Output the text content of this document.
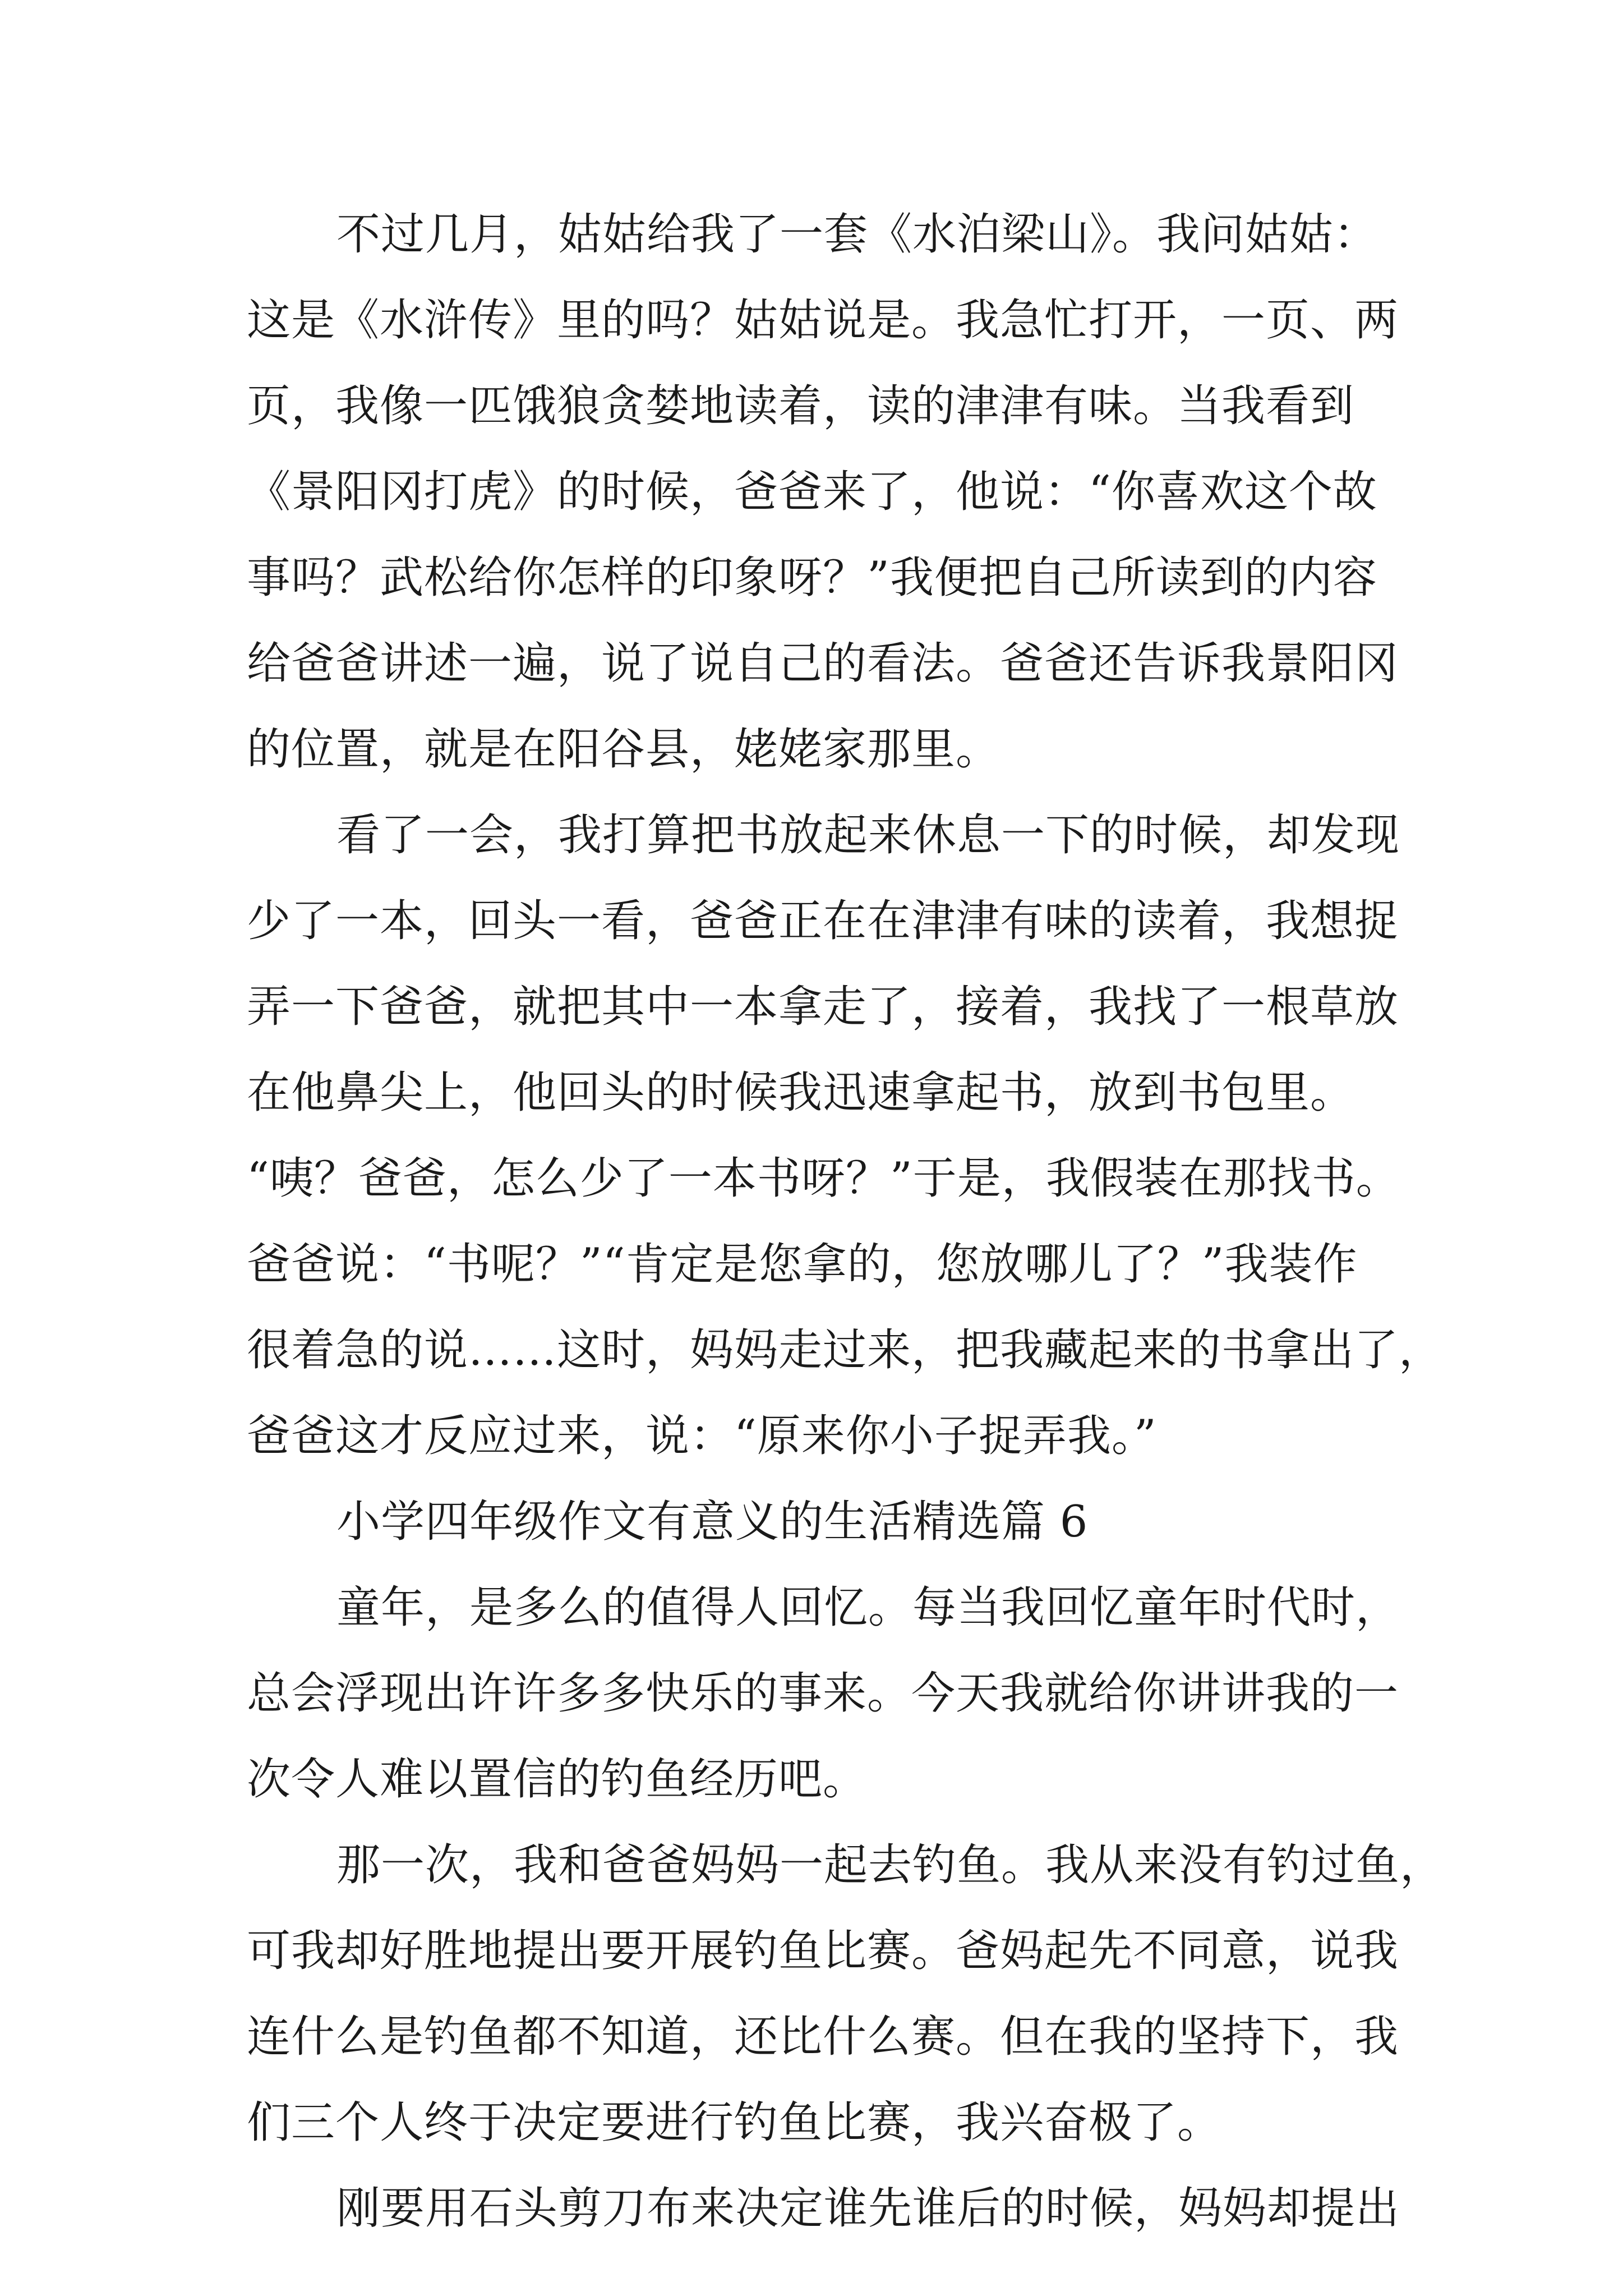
不过几月，姑姑给我了一套《水泊梁山》。我问姑姑：
这是《水浒传》里的吗？姑姑说是。我急忙打开，一页、两
页，我像一匹饿狼贪婪地读着，读的津津有味。当我看到
《景阳冈打虎》的时候，爸爸来了，他说：“你喜欢这个故
事吗？武松给你怎样的印象呀？”我便把自己所读到的内容
给爸爸讲述一遍，说了说自己的看法。爸爸还告诉我景阳冈
的位置，就是在阳谷县，姥姥家那里。
看了一会，我打算把书放起来休息一下的时候，却发现
少了一本，回头一看，爸爸正在在津津有味的读着，我想捉
弄一下爸爸，就把其中一本拿走了，接着，我找了一根草放
在他鼻尖上，他回头的时候我迅速拿起书，放到书包里。
“咦？爸爸，怎么少了一本书呀？”于是，我假装在那找书。
爸爸说：“书呢？”“肯定是您拿的，您放哪儿了？”我装作
很着急的说……这时，妈妈走过来，把我藏起来的书拿出了，
爸爸这才反应过来，说：“原来你小子捉弄我。”
小学四年级作文有意义的生活精选篇 6
童年，是多么的值得人回忆。每当我回忆童年时代时，
总会浮现出许许多多快乐的事来。今天我就给你讲讲我的一
次令人难以置信的钓鱼经历吧。
那一次，我和爸爸妈妈一起去钓鱼。我从来没有钓过鱼，
可我却好胜地提出要开展钓鱼比赛。爸妈起先不同意，说我
连什么是钓鱼都不知道，还比什么赛。但在我的坚持下，我
们三个人终于决定要进行钓鱼比赛，我兴奋极了。
刚要用石头剪刀布来决定谁先谁后的时候，妈妈却提出
